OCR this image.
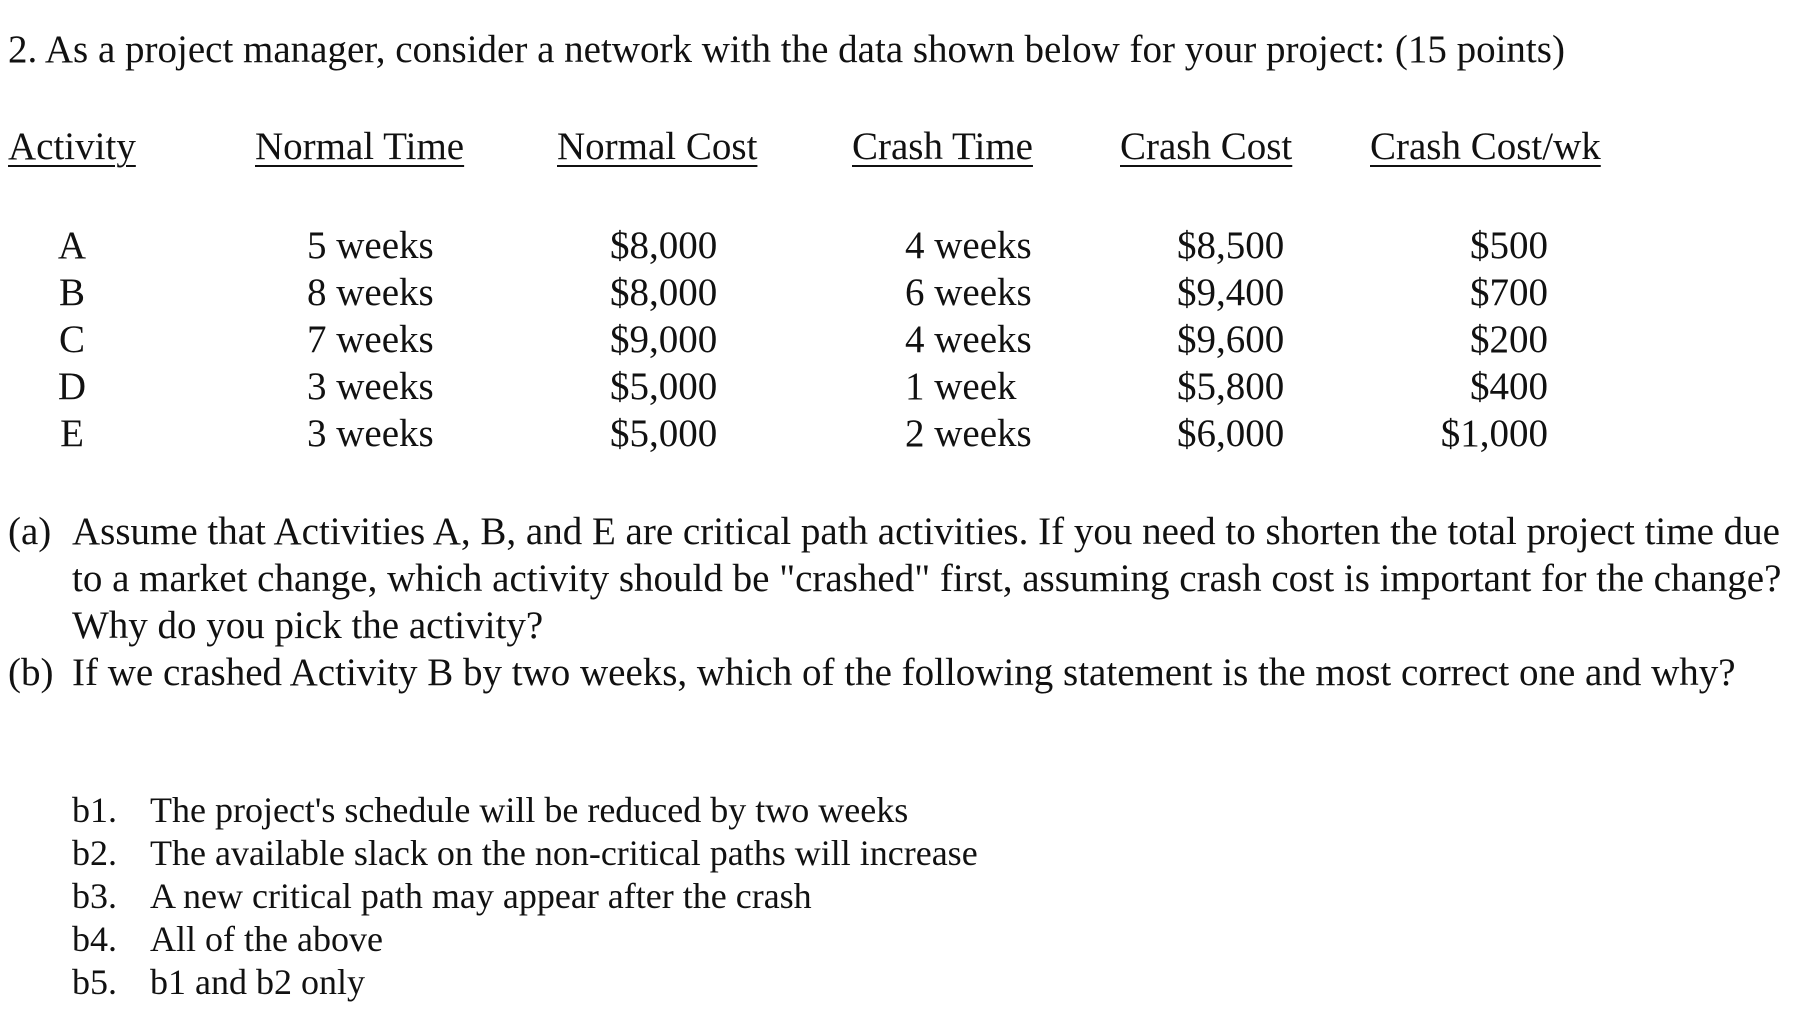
2. As a project manager, consider a network with the data shown below for your project: (15 points)
Activity	Normal Time Normal Cost Crash Time Crash Cost Crash Cost/wk
A
B
C
D
E
5 weeks
8 weeks
7 weeks
3 weeks
3 weeks
$8,000
$8,000
$9,000
$5,000
$5,000
4 weeks
6 weeks
4 weeks
1 week
2 weeks
$8,500
$9,400
$9,600
$5,800
$6,000
$500
$700
$200
$400
$1,000
(a) Assume that Activities A, B, and E are critical path activities. If you need to shorten the total project time due to a market change, which activity should be "crashed" first, assuming crash cost is important for the change? Why do you pick the activity?
(b) If we crashed Activity B by two weeks, which of the following statement is the most correct one and why?
b1. The project's schedule will be reduced by two weeks
b2. The available slack on the non-critical paths will increase
b3. A new critical path may appear after the crash
b4. All of the above
b5. b1 and b2 only
